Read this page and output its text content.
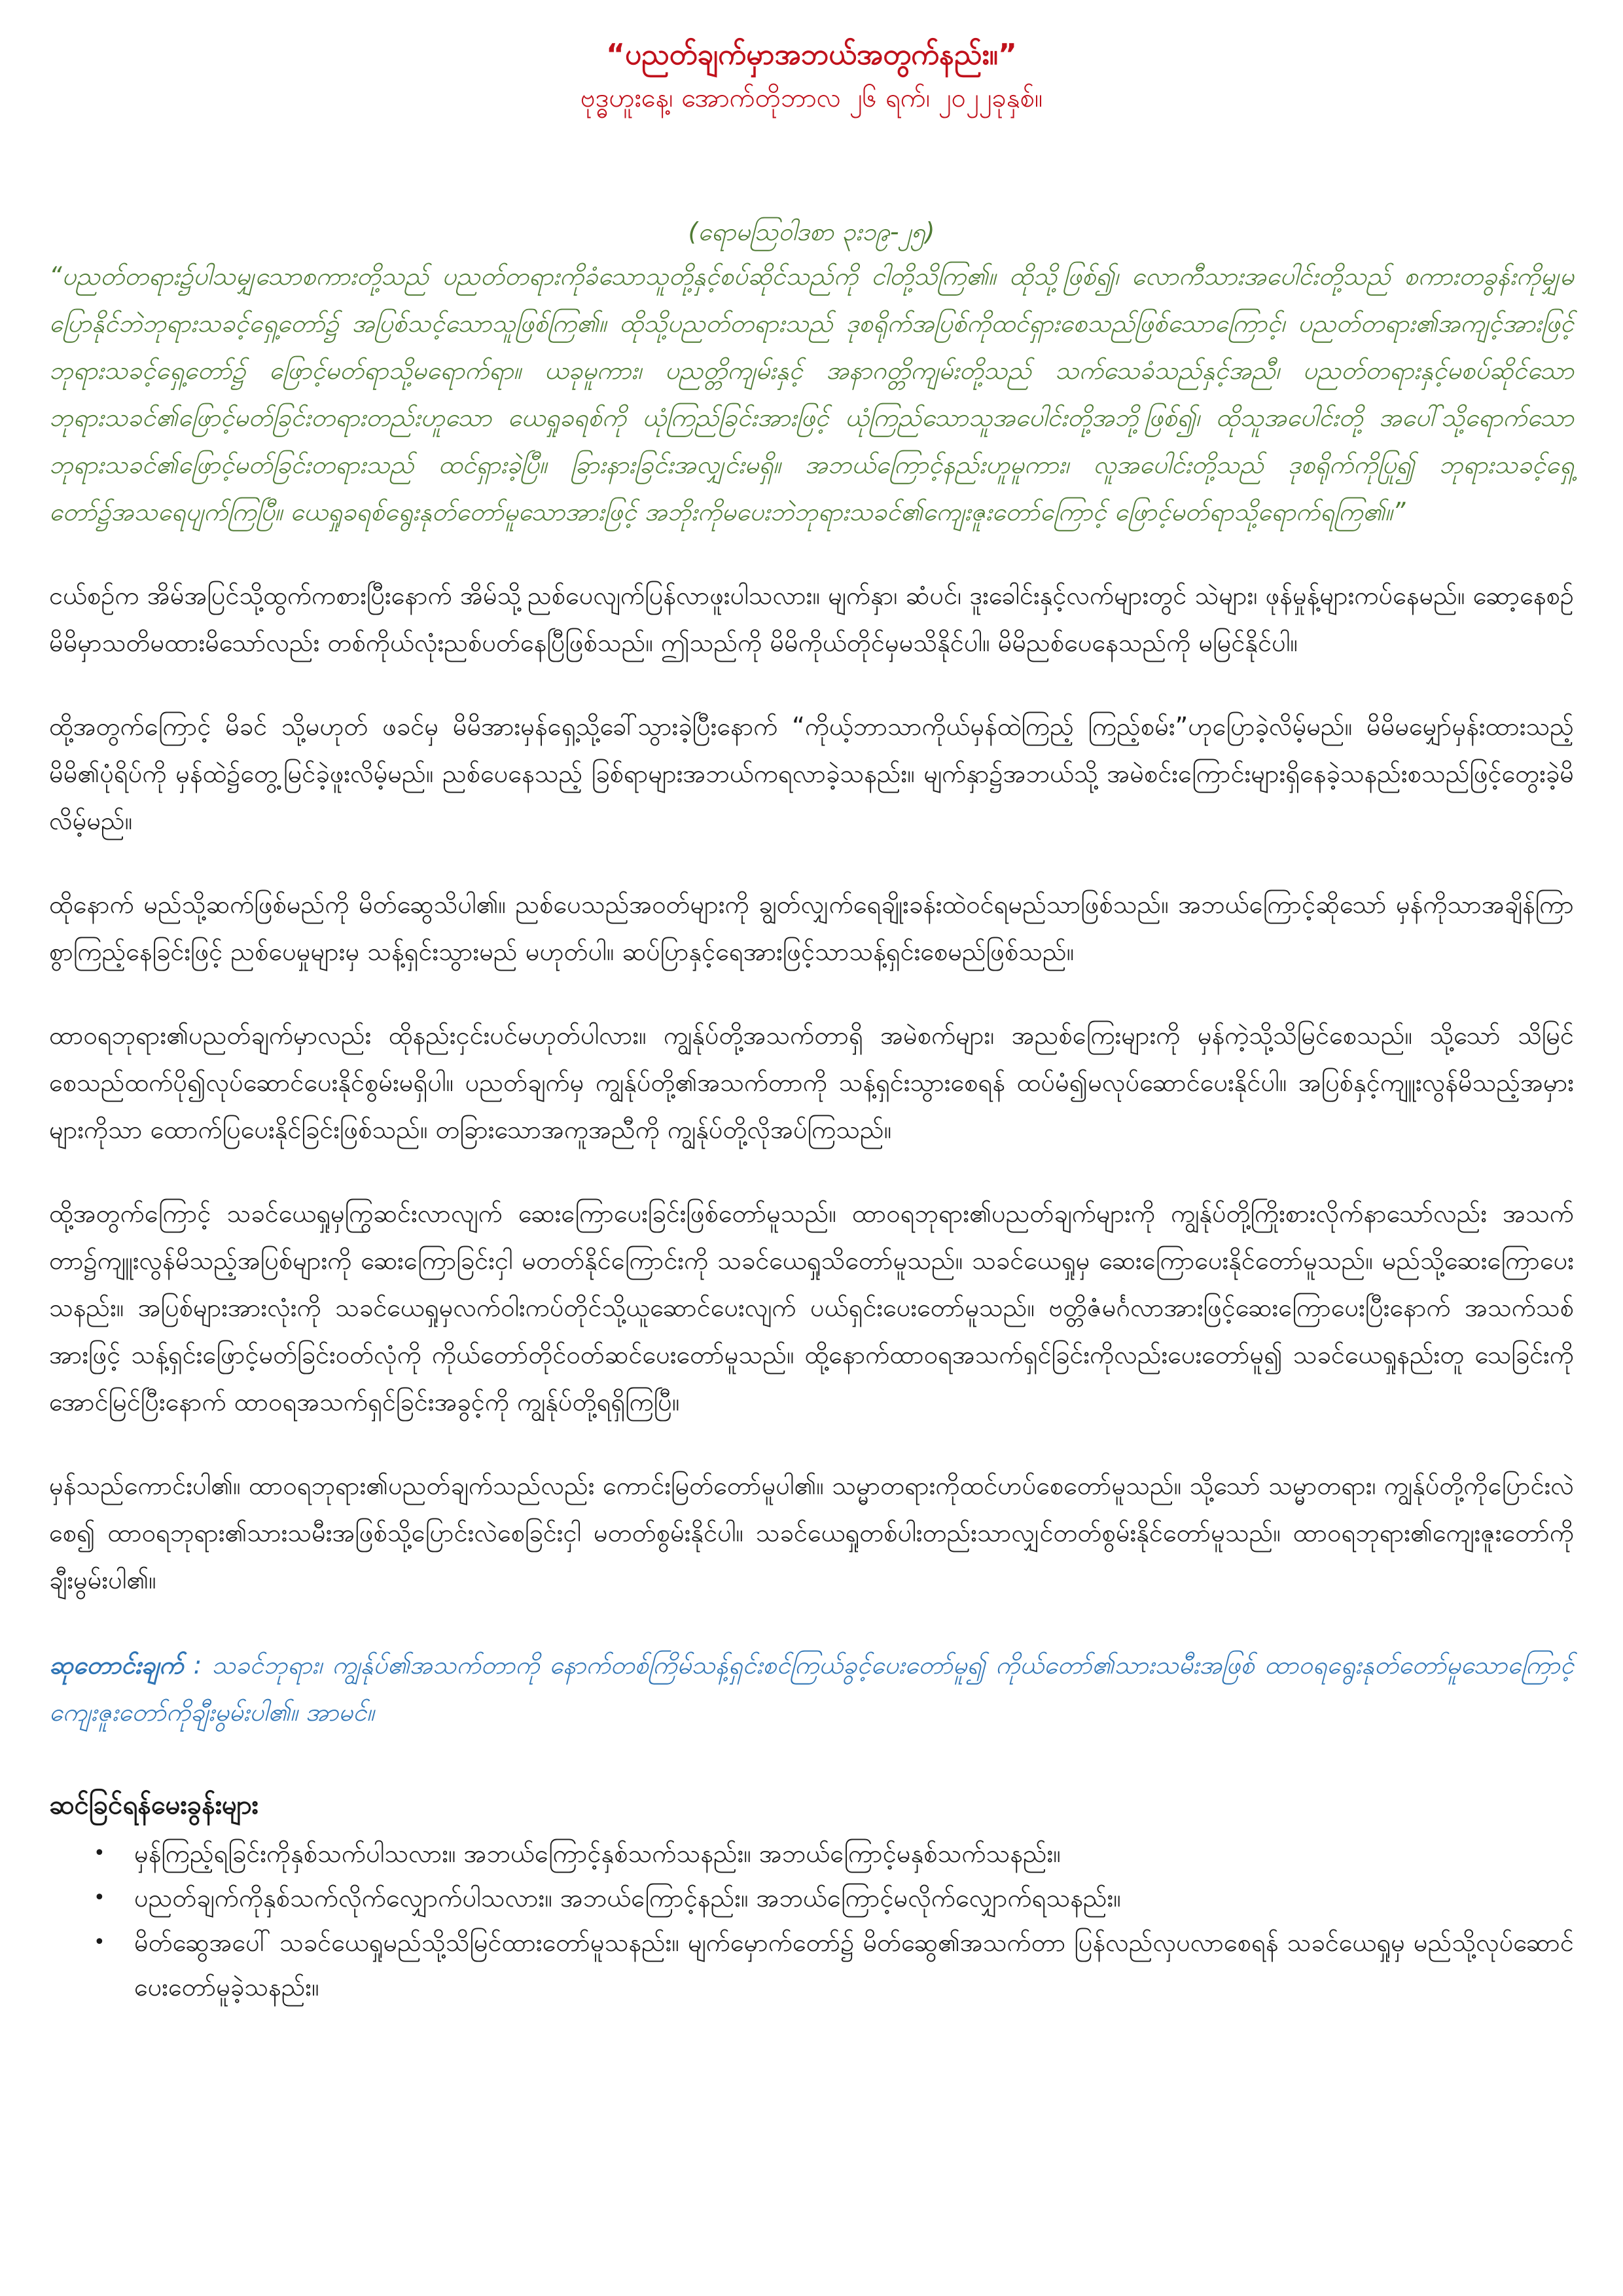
“ပညတ်ချက်မှာအဘယ်အတွက်နည်း။”

ဗုဒ္ဓဟူးနေ့၊ အောက်တိုဘာလ ၂၆ ရက်၊ ၂၀၂၂ခုနှစ်။

(ရောမသြဝါဒစာ ၃း၁၉-၂၅)

“ပညတ်တရား၌ပါသမျှသောစကားတို့သည် ပညတ်တရားကိုခံသောသူတို့နှင့်စပ်ဆိုင်သည်ကို ငါတို့သိကြ၏။ ထိုသို့ဖြစ်၍၊ လောကီသားအပေါင်းတို့သည် စကားတခွန်းကိုမျှမပြောနိုင်ဘဲဘုရားသခင့်ရှေ့တော်၌ အပြစ်သင့်သောသူဖြစ်ကြ၏။ ထိုသို့ပညတ်တရားသည် ဒုစရိုက်အပြစ်ကိုထင်ရှားစေသည်ဖြစ်သောကြောင့်၊ ပညတ်တရား၏အကျင့်အားဖြင့် ဘုရားသခင့်ရှေ့တော်၌ ဖြောင့်မတ်ရာသို့မရောက်ရာ။ ယခုမူကား၊ ပညတ္တိကျမ်းနှင့် အနာဂတ္တိကျမ်းတို့သည် သက်သေခံသည်နှင့်အညီ၊ ပညတ်တရားနှင့်မစပ်ဆိုင်သော ဘုရားသခင်၏ဖြောင့်မတ်ခြင်းတရားတည်းဟူသော ယေရှုခရစ်ကို ယုံကြည်ခြင်းအားဖြင့် ယုံကြည်သောသူအပေါင်းတို့အဘို့ဖြစ်၍၊ ထိုသူအပေါင်းတို့ အပေါ်သို့ရောက်သောဘုရားသခင်၏ဖြောင့်မတ်ခြင်းတရားသည် ထင်ရှားခဲ့ပြီ။ ခြားနားခြင်းအလျှင်းမရှိ။ အဘယ်ကြောင့်နည်းဟူမူကား၊ လူအပေါင်းတို့သည် ဒုစရိုက်ကိုပြု၍ ဘုရားသခင့်ရှေ့တော်၌အသရေပျက်ကြပြီ။ ယေရှုခရစ်ရွေးနုတ်တော်မူသောအားဖြင့် အဘိုးကိုမပေးဘဲဘုရားသခင်၏ကျေးဇူးတော်ကြောင့် ဖြောင့်မတ်ရာသို့ရောက်ရကြ၏။”

ငယ်စဉ်က အိမ်အပြင်သို့ထွက်ကစားပြီးနောက် အိမ်သို့ညစ်ပေလျက်ပြန်လာဖူးပါသလား။ မျက်နှာ၊ ဆံပင်၊ ဒူးခေါင်းနှင့်လက်များတွင် သဲများ၊ ဖုန်မှုန့်များကပ်နေမည်။ ဆော့နေစဉ်မိမိမှာသတိမထားမိသော်လည်း တစ်ကိုယ်လုံးညစ်ပတ်နေပြီဖြစ်သည်။ ဤသည်ကို မိမိကိုယ်တိုင်မှမသိနိုင်ပါ။ မိမိညစ်ပေနေသည်ကို မမြင်နိုင်ပါ။

ထို့အတွက်ကြောင့် မိခင် သို့မဟုတ် ဖခင်မှ မိမိအားမှန်ရှေ့သို့ခေါ်သွားခဲ့ပြီးနောက် “ကိုယ့်ဘာသာကိုယ်မှန်ထဲကြည့် ကြည့်စမ်း”ဟုပြောခဲ့လိမ့်မည်။ မိမိမမျှော်မှန်းထားသည့်မိမိ၏ပုံရိပ်ကို မှန်ထဲ၌တွေ့မြင်ခဲ့ဖူးလိမ့်မည်။ ညစ်ပေနေသည့် ခြစ်ရာများအဘယ်ကရလာခဲ့သနည်း။ မျက်နှာ၌အဘယ်သို့ အမဲစင်းကြောင်းများရှိနေခဲ့သနည်းစသည်ဖြင့်တွေးခဲ့မိလိမ့်မည်။

ထိုနောက် မည်သို့ဆက်ဖြစ်မည်ကို မိတ်ဆွေသိပါ၏။ ညစ်ပေသည်အဝတ်များကို ချွတ်လျှက်ရေချိုးခန်းထဲဝင်ရမည်သာဖြစ်သည်။ အဘယ်ကြောင့်ဆိုသော် မှန်ကိုသာအချိန်ကြာစွာကြည့်နေခြင်းဖြင့် ညစ်ပေမှုများမှ သန့်ရှင်းသွားမည် မဟုတ်ပါ။ ဆပ်ပြာနှင့်ရေအားဖြင့်သာသန့်ရှင်းစေမည်ဖြစ်သည်။

ထာဝရဘုရား၏ပညတ်ချက်မှာလည်း ထိုနည်းငှင်းပင်မဟုတ်ပါလား။ ကျွန်ုပ်တို့အသက်တာရှိ အမဲစက်များ၊ အညစ်ကြေးများကို မှန်ကဲ့သို့သိမြင်စေသည်။ သို့သော် သိမြင်စေသည်ထက်ပို၍လုပ်ဆောင်ပေးနိုင်စွမ်းမရှိပါ။ ပညတ်ချက်မှ ကျွန်ုပ်တို့၏အသက်တာကို သန့်ရှင်းသွားစေရန် ထပ်မံ၍မလုပ်ဆောင်ပေးနိုင်ပါ။ အပြစ်နှင့်ကျူးလွန်မိသည့်အမှားများကိုသာ ထောက်ပြပေးနိုင်ခြင်းဖြစ်သည်။ တခြားသောအကူအညီကို ကျွန်ုပ်တို့လိုအပ်ကြသည်။

ထို့အတွက်ကြောင့် သခင်ယေရှုမှကြွဆင်းလာလျက် ဆေးကြောပေးခြင်းဖြစ်တော်မူသည်။ ထာဝရဘုရား၏ပညတ်ချက်များကို ကျွန်ုပ်တို့ကြိုးစားလိုက်နာသော်လည်း အသက်တာ၌ကျူးလွန်မိသည့်အပြစ်များကို ဆေးကြောခြင်းငှါ မတတ်နိုင်ကြောင်းကို သခင်ယေရှုသိတော်မူသည်။ သခင်ယေရှုမှ ဆေးကြောပေးနိုင်တော်မူသည်။ မည်သို့ဆေးကြောပေးသနည်း။ အပြစ်များအားလုံးကို သခင်ယေရှုမှလက်ဝါးကပ်တိုင်သို့ယူဆောင်ပေးလျက် ပယ်ရှင်းပေးတော်မူသည်။ ဗတ္တိဇံမင်္ဂလာအားဖြင့်ဆေးကြောပေးပြီးနောက် အသက်သစ်အားဖြင့် သန့်ရှင်းဖြောင့်မတ်ခြင်းဝတ်လုံကို ကိုယ်တော်တိုင်ဝတ်ဆင်ပေးတော်မူသည်။ ထို့နောက်ထာဝရအသက်ရှင်ခြင်းကိုလည်းပေးတော်မူ၍ သခင်ယေရှုနည်းတူ သေခြင်းကိုအောင်မြင်ပြီးနောက် ထာဝရအသက်ရှင်ခြင်းအခွင့်ကို ကျွန်ုပ်တို့ရရှိကြပြီ။

မှန်သည်ကောင်းပါ၏။ ထာဝရဘုရား၏ပညတ်ချက်သည်လည်း ကောင်းမြတ်တော်မူပါ၏။ သမ္မာတရားကိုထင်ဟပ်စေတော်မူသည်။ သို့သော် သမ္မာတရား၊ ကျွန်ုပ်တို့ကိုပြောင်းလဲစေ၍ ထာဝရဘုရား၏သားသမီးအဖြစ်သို့ပြောင်းလဲစေခြင်းငှါ မတတ်စွမ်းနိုင်ပါ။ သခင်ယေရှုတစ်ပါးတည်းသာလျှင်တတ်စွမ်းနိုင်တော်မူသည်။ ထာဝရဘုရား၏ကျေးဇူးတော်ကို ချီးမွမ်းပါ၏။

ဆုတောင်းချက် : သခင်ဘုရား၊ ကျွန်ုပ်၏အသက်တာကို နောက်တစ်ကြိမ်သန့်ရှင်းစင်ကြယ်ခွင့်ပေးတော်မူ၍ ကိုယ်တော်၏သားသမီးအဖြစ် ထာဝရရွေးနုတ်တော်မူသောကြောင့် ကျေးဇူးတော်ကိုချီးမွမ်းပါ၏။ အာမင်။

ဆင်ခြင်ရန်မေးခွန်းများ

• မှန်ကြည့်ရခြင်းကိုနှစ်သက်ပါသလား။ အဘယ်ကြောင့်နှစ်သက်သနည်း။ အဘယ်ကြောင့်မနှစ်သက်သနည်း။
• ပညတ်ချက်ကိုနှစ်သက်လိုက်လျှောက်ပါသလား။ အဘယ်ကြောင့်နည်း။ အဘယ်ကြောင့်မလိုက်လျှောက်ရသနည်း။
• မိတ်ဆွေအပေါ် သခင်ယေရှုမည်သို့သိမြင်ထားတော်မူသနည်း။ မျက်မှောက်တော်၌ မိတ်ဆွေ၏အသက်တာ ပြန်လည်လှပလာစေရန် သခင်ယေရှုမှ မည်သို့လုပ်ဆောင်ပေးတော်မူခဲ့သနည်း။
